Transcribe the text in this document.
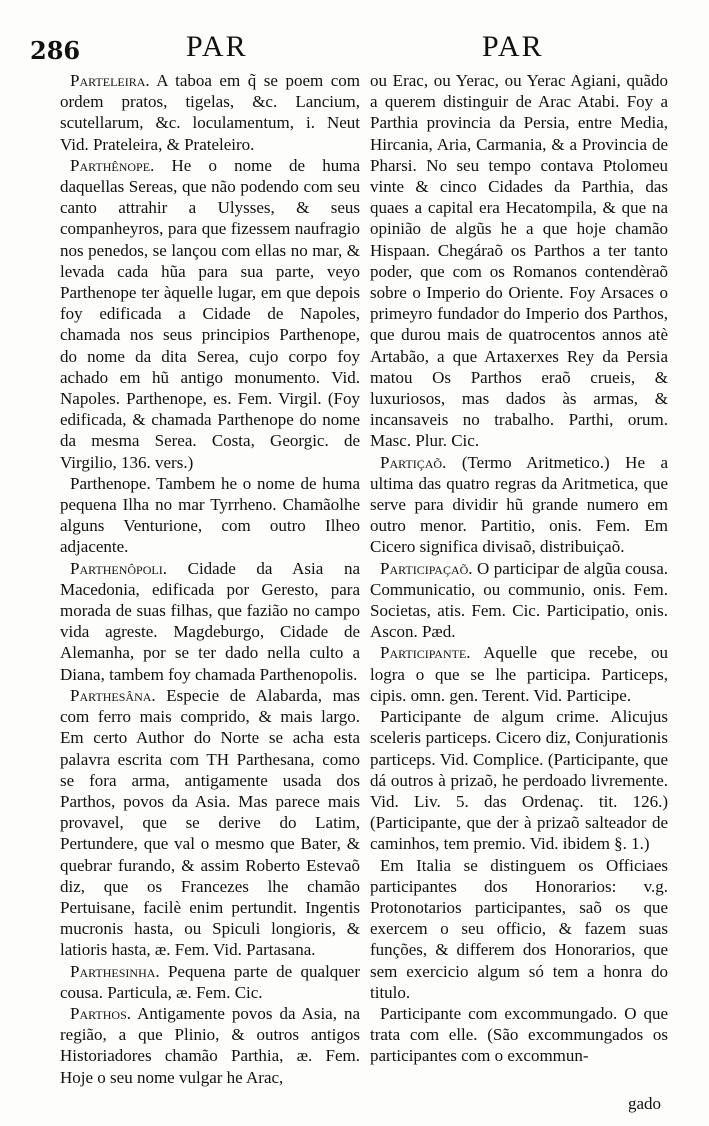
286	PAR	PAR

Parteleira. A taboa em q̃ se poem com ordem pratos, tigelas, &c. Lancium, scutellarum, &c. loculamentum, i. Neut Vid. Prateleira, & Prateleiro.

Parthênope. He o nome de huma daquellas Sereas, que não podendo com seu canto attrahir a Ulysses, & seus companheyros, para que fizessem naufragio nos penedos, se lançou com ellas no mar, & levada cada hũa para sua parte, veyo Parthenope ter àquelle lugar, em que depois foy edificada a Cidade de Napoles, chamada nos seus principios Parthenope, do nome da dita Serea, cujo corpo foy achado em hũ antigo monumento. Vid. Napoles. Parthenope, es. Fem. Virgil. (Foy edificada, & chamada Parthenope do nome da mesma Serea. Costa, Georgic. de Virgilio, 136. vers.)

Parthenope. Tambem he o nome de huma pequena Ilha no mar Tyrrheno. Chamãolhe alguns Venturione, com outro Ilheo adjacente.

Parthenôpoli. Cidade da Asia na Macedonia, edificada por Geresto, para morada de suas filhas, que fazião no campo vida agreste. Magdeburgo, Cidade de Alemanha, por se ter dado nella culto a Diana, tambem foy chamada Parthenopolis.

Parthesâna. Especie de Alabarda, mas com ferro mais comprido, & mais largo. Em certo Author do Norte se acha esta palavra escrita com TH Parthesana, como se fora arma, antigamente usada dos Parthos, povos da Asia. Mas parece mais provavel, que se derive do Latim, Pertundere, que val o mesmo que Bater, & quebrar furando, & assim Roberto Estevaõ diz, que os Francezes lhe chamão Pertuisane, facilè enim pertundit. Ingentis mucronis hasta, ou Spiculi longioris, & latioris hasta, æ. Fem. Vid. Partasana.

Parthesinha. Pequena parte de qualquer cousa. Particula, æ. Fem. Cic.

Parthos. Antigamente povos da Asia, na região, a que Plinio, & outros antigos Historiadores chamão Parthia, æ. Fem. Hoje o seu nome vulgar he Arac,

ou Erac, ou Yerac, ou Yerac Agiani, quãdo a querem distinguir de Arac Atabi. Foy a Parthia provincia da Persia, entre Media, Hircania, Aria, Carmania, & a Provincia de Pharsi. No seu tempo contava Ptolomeu vinte & cinco Cidades da Parthia, das quaes a capital era Hecatompila, & que na opinião de algũs he a que hoje chamão Hispaan. Chegáraõ os Parthos a ter tanto poder, que com os Romanos contendèraõ sobre o Imperio do Oriente. Foy Arsaces o primeyro fundador do Imperio dos Parthos, que durou mais de quatrocentos annos atè Artabão, a que Artaxerxes Rey da Persia matou Os Parthos eraõ crueis, & luxuriosos, mas dados às armas, & incansaveis no trabalho. Parthi, orum. Masc. Plur. Cic.

Partiçaõ. (Termo Aritmetico.) He a ultima das quatro regras da Aritmetica, que serve para dividir hũ grande numero em outro menor. Partitio, onis. Fem. Em Cicero significa divisaõ, distribuiçaõ.

Participaçaõ. O participar de algũa cousa. Communicatio, ou communio, onis. Fem. Societas, atis. Fem. Cic. Participatio, onis. Ascon. Pæd.

Participante. Aquelle que recebe, ou logra o que se lhe participa. Particeps, cipis. omn. gen. Terent. Vid. Participe.

Participante de algum crime. Alicujus sceleris particeps. Cicero diz, Conjurationis particeps. Vid. Complice. (Participante, que dá outros à prizaõ, he perdoado livremente. Vid. Liv. 5. das Ordenaç. tit. 126.) (Participante, que der à prizaõ salteador de caminhos, tem premio. Vid. ibidem §. 1.)

Em Italia se distinguem os Officiaes participantes dos Honorarios: v.g. Protonotarios participantes, saõ os que exercem o seu officio, & fazem suas funções, & differem dos Honorarios, que sem exercicio algum só tem a honra do titulo.

Participante com excommungado. O que trata com elle. (São excommungados os participantes com o excommun-

gado
